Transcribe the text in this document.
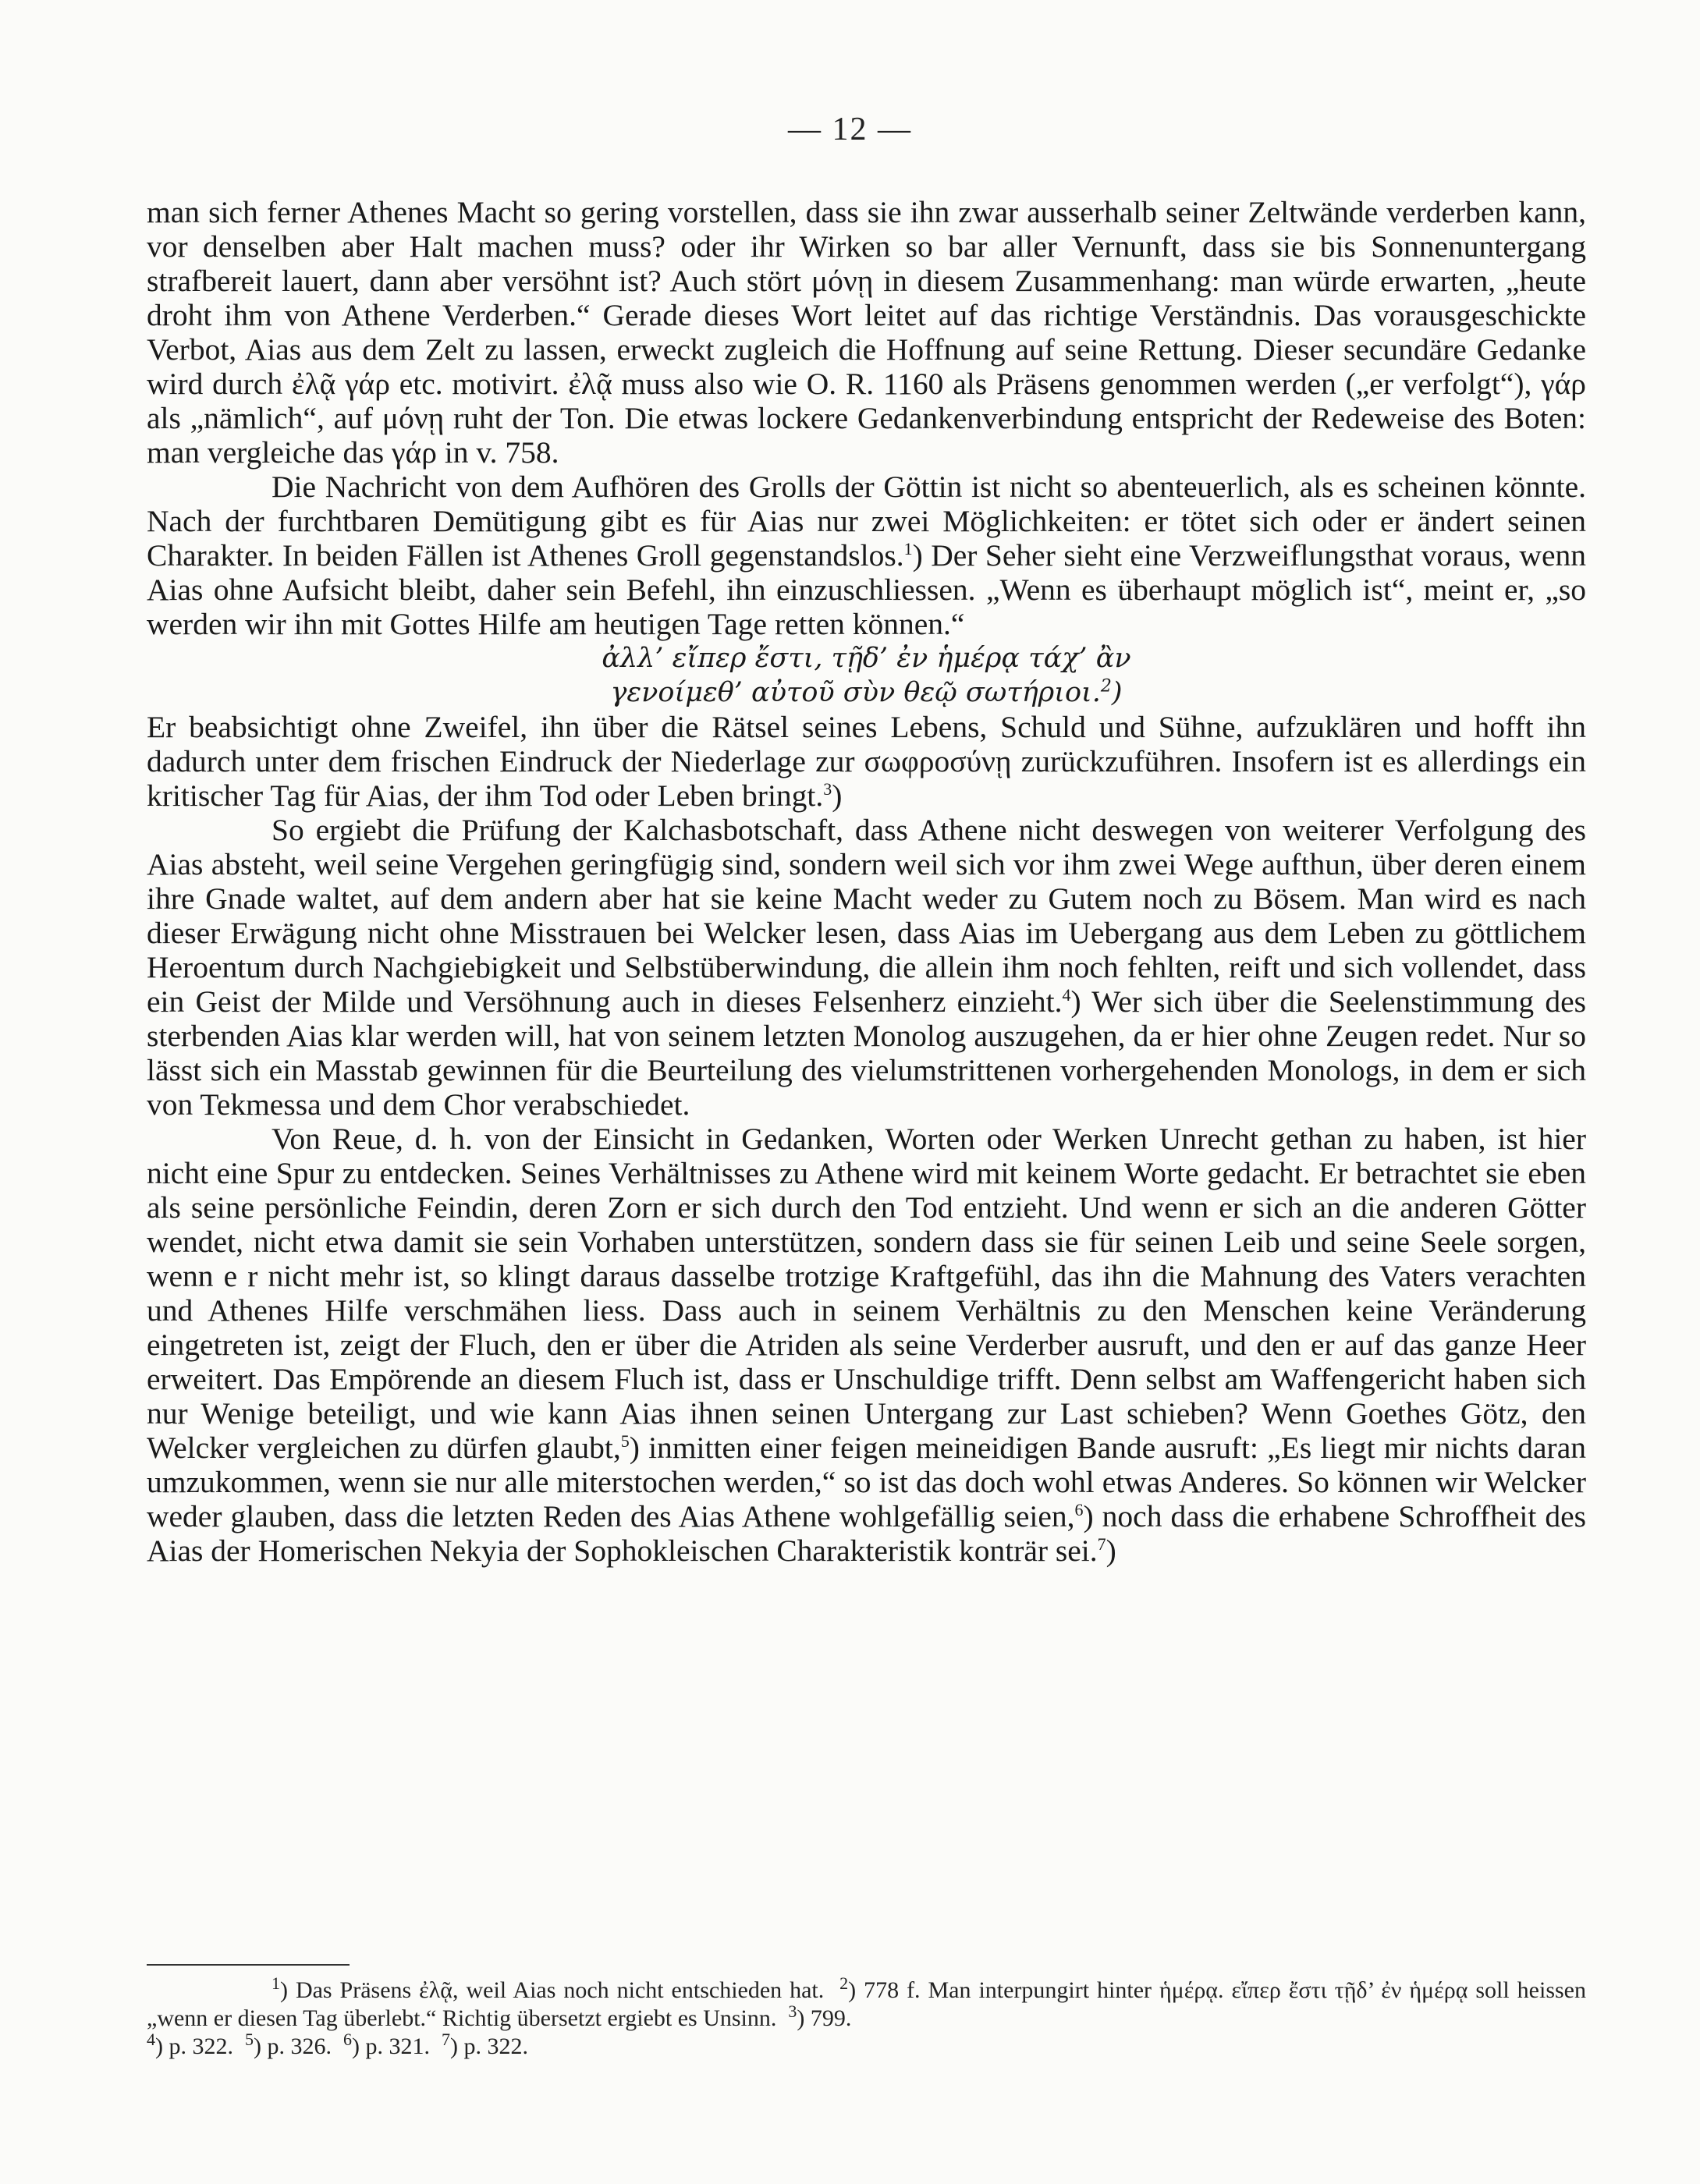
— 12 —

man sich ferner Athenes Macht so gering vorstellen, dass sie ihn zwar ausserhalb seiner Zeltwände verderben kann, vor denselben aber Halt machen muss? oder ihr Wirken so bar aller Vernunft, dass sie bis Sonnenuntergang strafbereit lauert, dann aber versöhnt ist? Auch stört μόνῃ in diesem Zusammenhang: man würde erwarten, „heute droht ihm von Athene Verderben.“ Gerade dieses Wort leitet auf das richtige Verständnis. Das vorausgeschickte Verbot, Aias aus dem Zelt zu lassen, erweckt zugleich die Hoffnung auf seine Rettung. Dieser secundäre Gedanke wird durch ἐλᾷ γάρ etc. motivirt. ἐλᾷ muss also wie O. R. 1160 als Präsens genommen werden („er verfolgt“), γάρ als „nämlich“, auf μόνῃ ruht der Ton. Die etwas lockere Gedankenverbindung entspricht der Redeweise des Boten: man vergleiche das γάρ in v. 758.

Die Nachricht von dem Aufhören des Grolls der Göttin ist nicht so abenteuerlich, als es scheinen könnte. Nach der furchtbaren Demütigung gibt es für Aias nur zwei Möglichkeiten: er tötet sich oder er ändert seinen Charakter. In beiden Fällen ist Athenes Groll gegenstandslos.$^1$) Der Seher sieht eine Verzweiflungsthat voraus, wenn Aias ohne Aufsicht bleibt, daher sein Befehl, ihn einzuschliessen. „Wenn es überhaupt möglich ist“, meint er, „so werden wir ihn mit Gottes Hilfe am heutigen Tage retten können.“

ἀλλ’ εἴπερ ἔστι, τῇδ’ ἐν ἡμέρᾳ τάχ’ ἂν

γενοίμεθ’ αὐτοῦ σὺν θεῷ σωτήριοι.$^2$)

Er beabsichtigt ohne Zweifel, ihn über die Rätsel seines Lebens, Schuld und Sühne, aufzuklären und hofft ihn dadurch unter dem frischen Eindruck der Niederlage zur σωφροσύνῃ zurückzuführen. Insofern ist es allerdings ein kritischer Tag für Aias, der ihm Tod oder Leben bringt.$^3$)

So ergiebt die Prüfung der Kalchasbotschaft, dass Athene nicht deswegen von weiterer Verfolgung des Aias absteht, weil seine Vergehen geringfügig sind, sondern weil sich vor ihm zwei Wege aufthun, über deren einem ihre Gnade waltet, auf dem andern aber hat sie keine Macht weder zu Gutem noch zu Bösem. Man wird es nach dieser Erwägung nicht ohne Misstrauen bei Welcker lesen, dass Aias im Uebergang aus dem Leben zu göttlichem Heroentum durch Nachgiebigkeit und Selbstüberwindung, die allein ihm noch fehlten, reift und sich vollendet, dass ein Geist der Milde und Versöhnung auch in dieses Felsenherz einzieht.$^4$) Wer sich über die Seelenstimmung des sterbenden Aias klar werden will, hat von seinem letzten Monolog auszugehen, da er hier ohne Zeugen redet. Nur so lässt sich ein Masstab gewinnen für die Beurteilung des vielumstrittenen vorhergehenden Monologs, in dem er sich von Tekmessa und dem Chor verabschiedet.

Von Reue, d. h. von der Einsicht in Gedanken, Worten oder Werken Unrecht gethan zu haben, ist hier nicht eine Spur zu entdecken. Seines Verhältnisses zu Athene wird mit keinem Worte gedacht. Er betrachtet sie eben als seine persönliche Feindin, deren Zorn er sich durch den Tod entzieht. Und wenn er sich an die anderen Götter wendet, nicht etwa damit sie sein Vorhaben unterstützen, sondern dass sie für seinen Leib und seine Seele sorgen, wenn e r nicht mehr ist, so klingt daraus dasselbe trotzige Kraftgefühl, das ihn die Mahnung des Vaters verachten und Athenes Hilfe verschmähen liess. Dass auch in seinem Verhältnis zu den Menschen keine Veränderung eingetreten ist, zeigt der Fluch, den er über die Atriden als seine Verderber ausruft, und den er auf das ganze Heer erweitert. Das Empörende an diesem Fluch ist, dass er Unschuldige trifft. Denn selbst am Waffengericht haben sich nur Wenige beteiligt, und wie kann Aias ihnen seinen Untergang zur Last schieben? Wenn Goethes Götz, den Welcker vergleichen zu dürfen glaubt,$^5$) inmitten einer feigen meineidigen Bande ausruft: „Es liegt mir nichts daran umzukommen, wenn sie nur alle miterstochen werden,“ so ist das doch wohl etwas Anderes. So können wir Welcker weder glauben, dass die letzten Reden des Aias Athene wohlgefällig seien,$^6$) noch dass die erhabene Schroffheit des Aias der Homerischen Nekyia der Sophokleischen Charakteristik konträr sei.$^7$)

$^1$) Das Präsens ἐλᾷ, weil Aias noch nicht entschieden hat. $^2$) 778 f. Man interpungirt hinter ἡμέρᾳ. εἴπερ ἔστι τῇδ’ ἐν ἡμέρᾳ soll heissen „wenn er diesen Tag überlebt.“ Richtig übersetzt ergiebt es Unsinn. $^3$) 799.
$^4$) p. 322. $^5$) p. 326. $^6$) p. 321. $^7$) p. 322.
